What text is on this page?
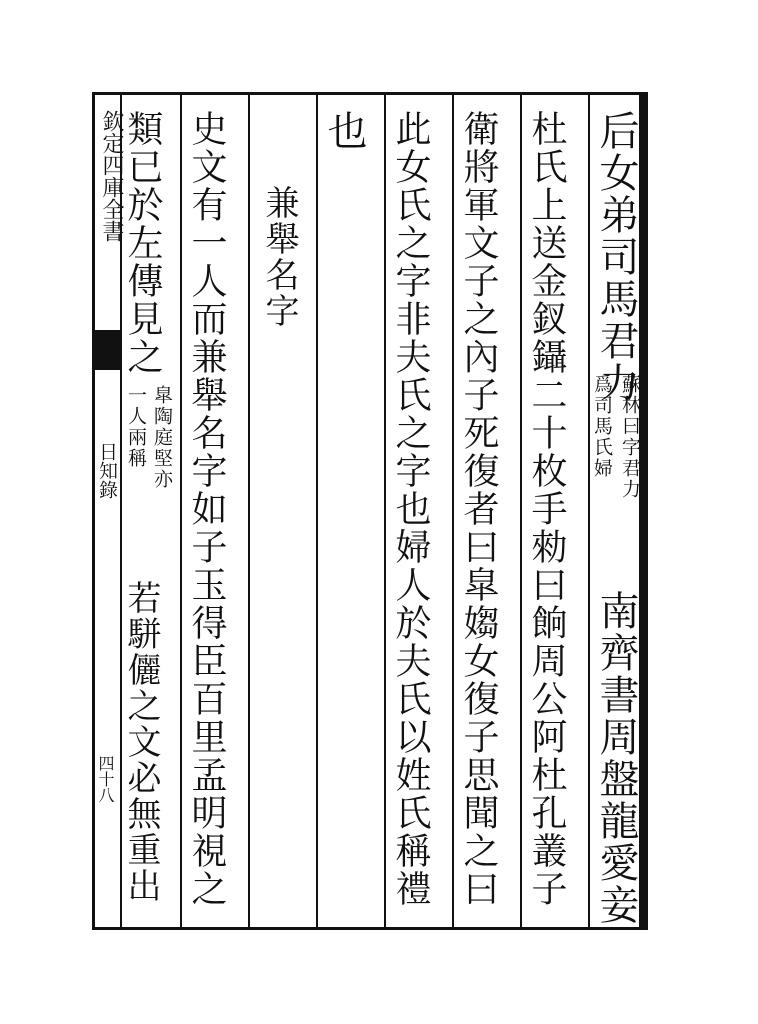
欽定四庫全書
日知錄
四十八
后女弟司馬君力
蘇林曰字君力
爲司馬氏婦
南齊書周盤龍愛妾
杜氏上送金釵鑷二十枚手勑曰餉周公阿杜孔叢子
衛將軍文子之內子死復者曰皐媰女復子思聞之曰
此女氏之字非夫氏之字也婦人於夫氏以姓氏稱禮
也
兼舉名字
史文有一人而兼舉名字如子玉得臣百里孟明視之
類已於左傳見之
皐陶庭堅亦
一人兩稱
若駢儷之文必無重出
